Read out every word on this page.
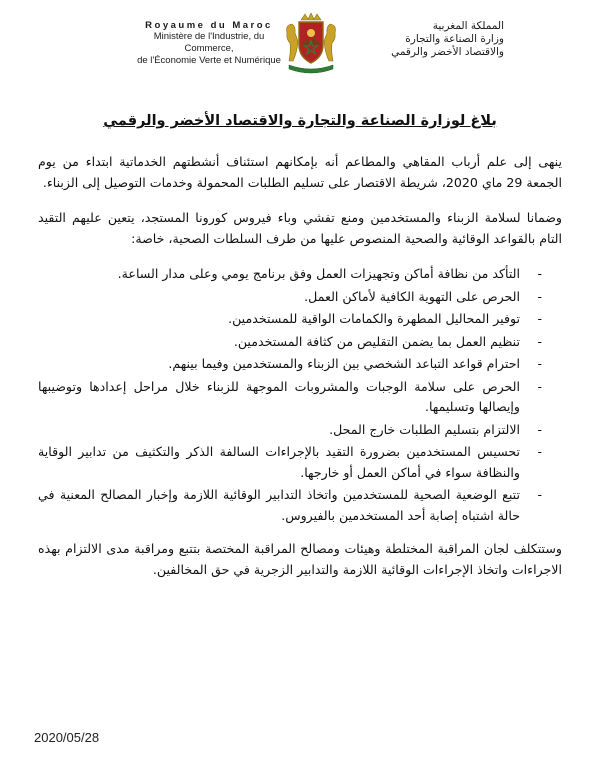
Royaume du Maroc
Ministère de l'Industrie, du Commerce,
de l'Économie Verte et Numérique
المملكة المغربية
وزارة الصناعة والتجارة
والاقتصاد الأخضر والرقمي
بلاغ لوزارة الصناعة والتجارة والاقتصاد الأخضر والرقمي

ينهى إلى علم أرباب المقاهي والمطاعم أنه بإمكانهم استئناف أنشطتهم الخدماتية ابتداء من يوم الجمعة 29 ماي 2020، شريطة الاقتصار على تسليم الطلبات المحمولة وخدمات التوصيل إلى الزبناء.

وضمانا لسلامة الزبناء والمستخدمين ومنع تفشي وباء فيروس كورونا المستجد، يتعين عليهم التقيد التام بالقواعد الوقائية والصحية المنصوص عليها من طرف السلطات الصحية، خاصة:

- التأكد من نظافة أماكن وتجهيزات العمل وفق برنامج يومي وعلى مدار الساعة.
- الحرص على التهوية الكافية لأماكن العمل.
- توفير المحاليل المطهرة والكمامات الواقية للمستخدمين.
- تنظيم العمل بما يضمن التقليص من كثافة المستخدمين.
- احترام قواعد التباعد الشخصي بين الزبناء والمستخدمين وفيما بينهم.
- الحرص على سلامة الوجبات والمشروبات الموجهة للزبناء خلال مراحل إعدادها وتوضيبها وإيصالها وتسليمها.
- الالتزام بتسليم الطلبات خارج المحل.
- تحسيس المستخدمين بضرورة التقيد بالإجراءات السالفة الذكر والتكثيف من تدابير الوقاية والنظافة سواء في أماكن العمل أو خارجها.
- تتبع الوضعية الصحية للمستخدمين واتخاذ التدابير الوقائية اللازمة وإخبار المصالح المعنية في حالة اشتباه إصابة أحد المستخدمين بالفيروس.

وستتكلف لجان المراقبة المختلطة وهيئات ومصالح المراقبة المختصة بتتبع ومراقبة مدى الالتزام بهذه الاجراءات واتخاذ الإجراءات الوقائية اللازمة والتدابير الزجرية في حق المخالفين.

2020/05/28
